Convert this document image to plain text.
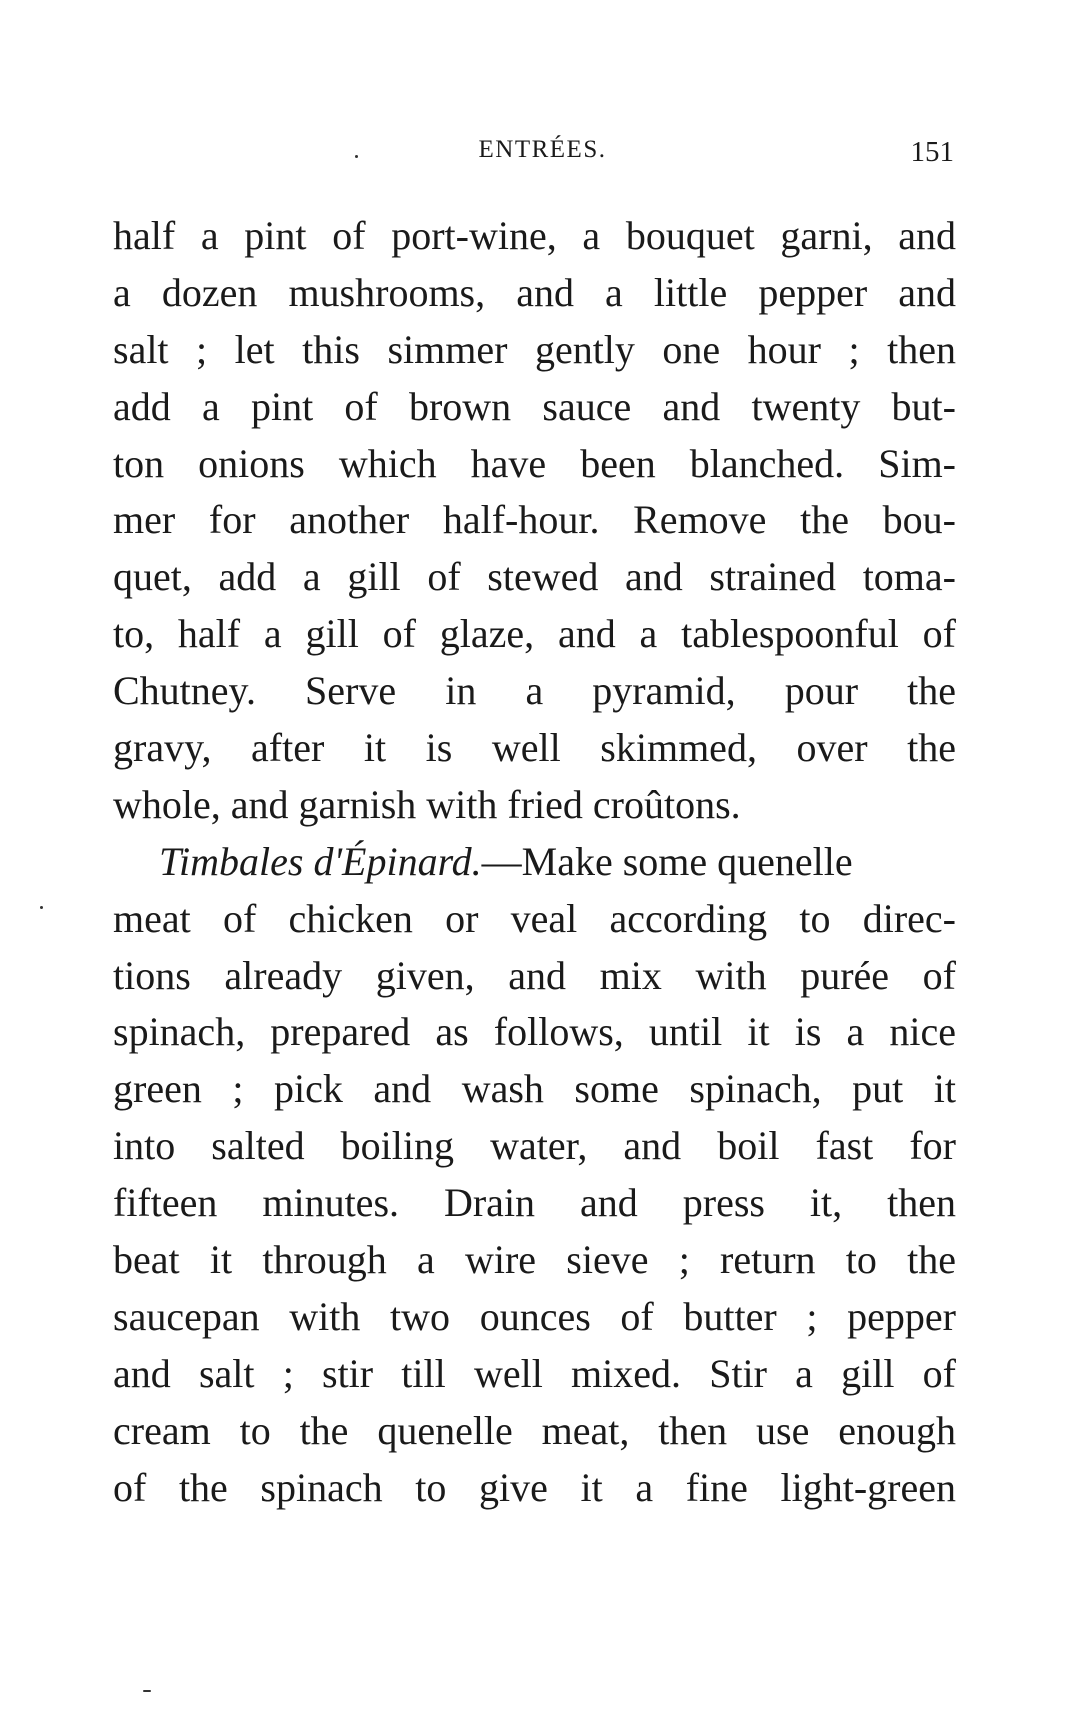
ENTRÉES.	151
half a pint of port-wine, a bouquet garni, and
a dozen mushrooms, and a little pepper and
salt ; let this simmer gently one hour ; then
add a pint of brown sauce and twenty but-
ton onions which have been blanched. Sim-
mer for another half-hour. Remove the bou-
quet, add a gill of stewed and strained toma-
to, half a gill of glaze, and a tablespoonful of
Chutney. Serve in a pyramid, pour the
gravy, after it is well skimmed, over the
whole, and garnish with fried croûtons.
Timbales d'Épinard.—Make some quenelle
meat of chicken or veal according to direc-
tions already given, and mix with purée of
spinach, prepared as follows, until it is a nice
green ; pick and wash some spinach, put it
into salted boiling water, and boil fast for
fifteen minutes. Drain and press it, then
beat it through a wire sieve ; return to the
saucepan with two ounces of butter ; pepper
and salt ; stir till well mixed. Stir a gill of
cream to the quenelle meat, then use enough
of the spinach to give it a fine light-green
